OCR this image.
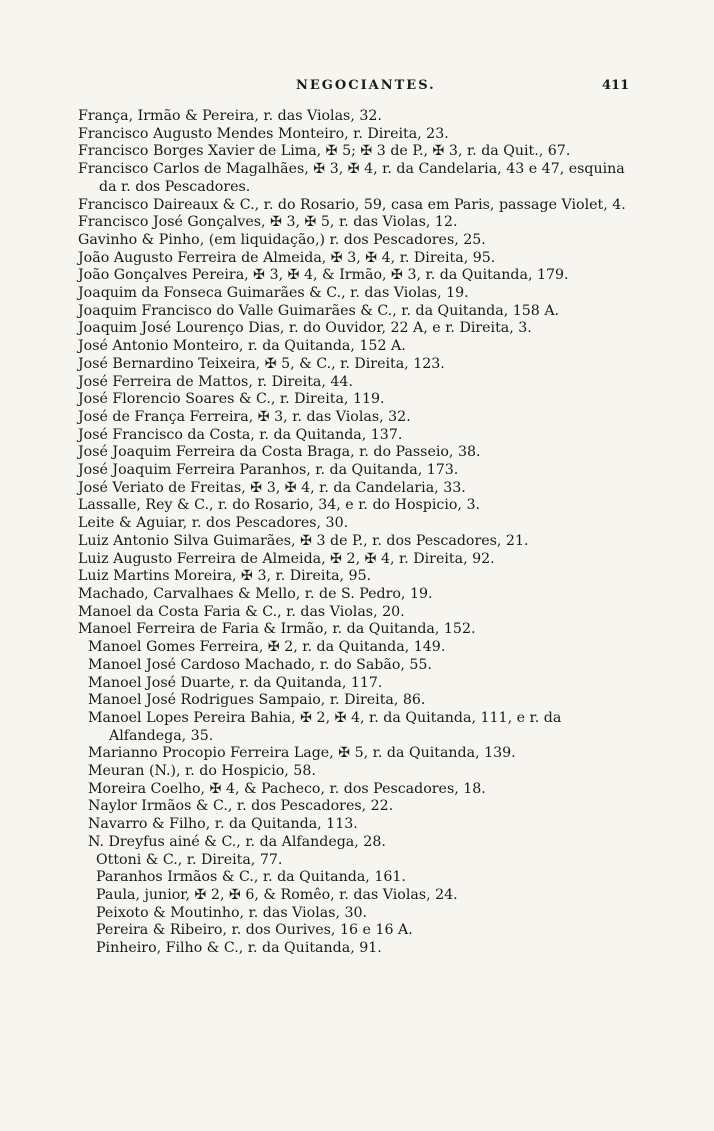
NEGOCIANTES.	411

França, Irmão & Pereira, r. das Violas, 32.

Francisco Augusto Mendes Monteiro, r. Direita, 23.

Francisco Borges Xavier de Lima, ✠ 5; ✠ 3 de P., ✠ 3, r. da Quit., 67.

Francisco Carlos de Magalhães, ✠ 3, ✠ 4, r. da Candelaria, 43 e 47, esquina da r. dos Pescadores.

Francisco Daireaux & C., r. do Rosario, 59, casa em Paris, passage Violet, 4.

Francisco José Gonçalves, ✠ 3, ✠ 5, r. das Violas, 12.

Gavinho & Pinho, (em liquidação,) r. dos Pescadores, 25.

João Augusto Ferreira de Almeida, ✠ 3, ✠ 4, r. Direita, 95.

João Gonçalves Pereira, ✠ 3, ✠ 4, & Irmão, ✠ 3, r. da Quitanda, 179.

Joaquim da Fonseca Guimarães & C., r. das Violas, 19.

Joaquim Francisco do Valle Guimarães & C., r. da Quitanda, 158 A.

Joaquim José Lourenço Dias, r. do Ouvidor, 22 A, e r. Direita, 3.

José Antonio Monteiro, r. da Quitanda, 152 A.

José Bernardino Teixeira, ✠ 5, & C., r. Direita, 123.

José Ferreira de Mattos, r. Direita, 44.

José Florencio Soares & C., r. Direita, 119.

José de França Ferreira, ✠ 3, r. das Violas, 32.

José Francisco da Costa, r. da Quitanda, 137.

José Joaquim Ferreira da Costa Braga, r. do Passeio, 38.

José Joaquim Ferreira Paranhos, r. da Quitanda, 173.

José Veriato de Freitas, ✠ 3, ✠ 4, r. da Candelaria, 33.

Lassalle, Rey & C., r. do Rosario, 34, e r. do Hospicio, 3.

Leite & Aguiar, r. dos Pescadores, 30.

Luiz Antonio Silva Guimarães, ✠ 3 de P., r. dos Pescadores, 21.

Luiz Augusto Ferreira de Almeida, ✠ 2, ✠ 4, r. Direita, 92.

Luiz Martins Moreira, ✠ 3, r. Direita, 95.

Machado, Carvalhaes & Mello, r. de S. Pedro, 19.

Manoel da Costa Faria & C., r. das Violas, 20.

Manoel Ferreira de Faria & Irmão, r. da Quitanda, 152.

Manoel Gomes Ferreira, ✠ 2, r. da Quitanda, 149.

Manoel José Cardoso Machado, r. do Sabão, 55.

Manoel José Duarte, r. da Quitanda, 117.

Manoel José Rodrigues Sampaio, r. Direita, 86.

Manoel Lopes Pereira Bahia, ✠ 2, ✠ 4, r. da Quitanda, 111, e r. da Alfandega, 35.

Marianno Procopio Ferreira Lage, ✠ 5, r. da Quitanda, 139.

Meuran (N.), r. do Hospicio, 58.

Moreira Coelho, ✠ 4, & Pacheco, r. dos Pescadores, 18.

Naylor Irmãos & C., r. dos Pescadores, 22.

Navarro & Filho, r. da Quitanda, 113.

N. Dreyfus ainé & C., r. da Alfandega, 28.

Ottoni & C., r. Direita, 77.

Paranhos Irmãos & C., r. da Quitanda, 161.

Paula, junior, ✠ 2, ✠ 6, & Romêo, r. das Violas, 24.

Peixoto & Moutinho, r. das Violas, 30.

Pereira & Ribeiro, r. dos Ourives, 16 e 16 A.

Pinheiro, Filho & C., r. da Quitanda, 91.
